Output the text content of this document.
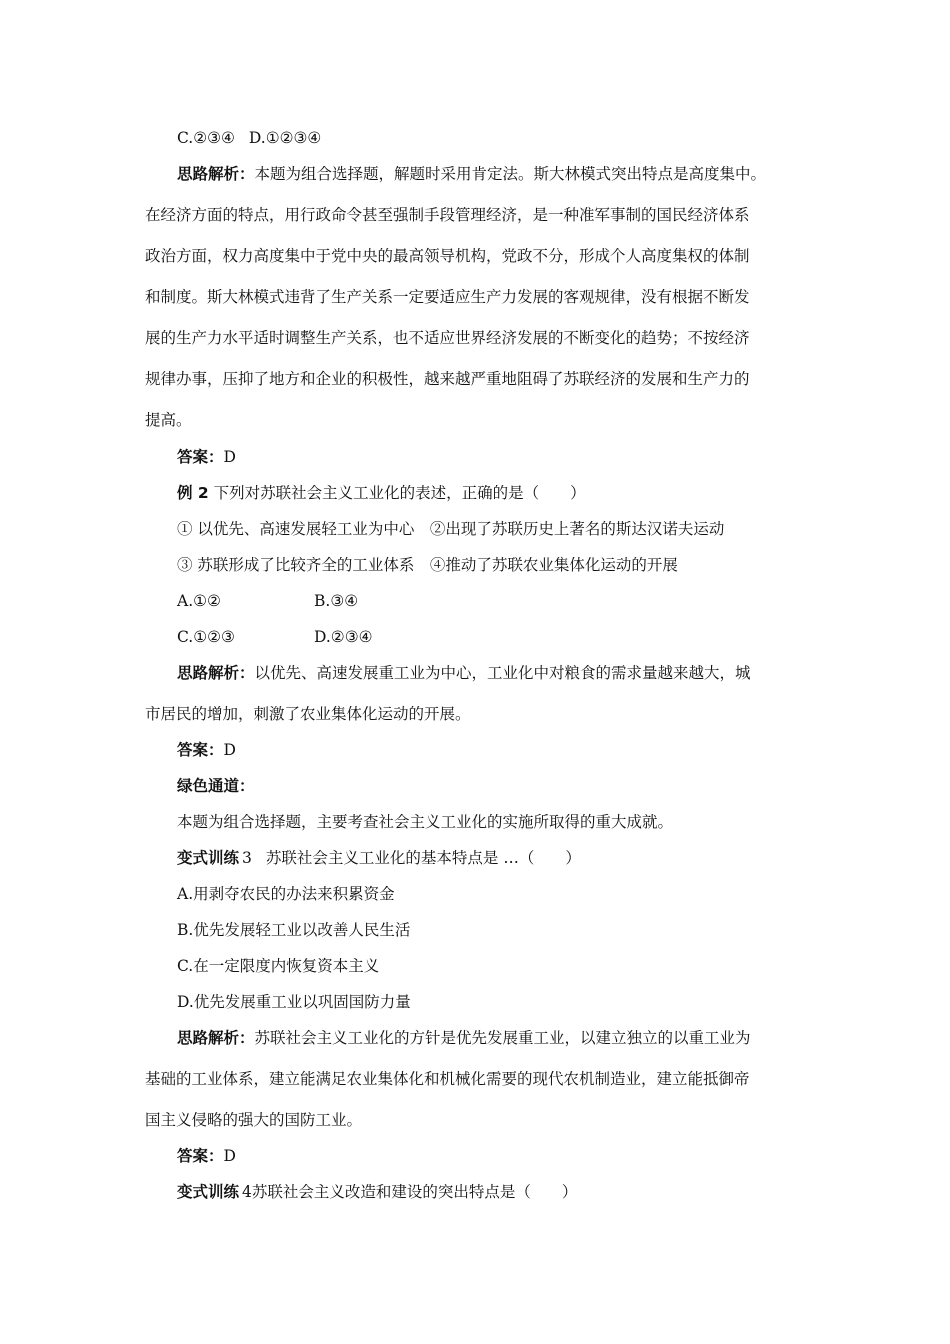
C.②③④ D.①②③④
思路解析：本题为组合选择题，解题时采用肯定法。斯大林模式突出特点是高度集中。
在经济方面的特点，用行政命令甚至强制手段管理经济，是一种准军事制的国民经济体系
政治方面，权力高度集中于党中央的最高领导机构，党政不分，形成个人高度集权的体制
和制度。斯大林模式违背了生产关系一定要适应生产力发展的客观规律，没有根据不断发
展的生产力水平适时调整生产关系，也不适应世界经济发展的不断变化的趋势；不按经济
规律办事，压抑了地方和企业的积极性，越来越严重地阻碍了苏联经济的发展和生产力的
提高。
答案：D
例 2 下列对苏联社会主义工业化的表述，正确的是（　　）
① 以优先、高速发展轻工业为中心　②出现了苏联历史上著名的斯达汉诺夫运动
③ 苏联形成了比较齐全的工业体系　④推动了苏联农业集体化运动的开展
A.①②	B.③④
C.①②③	D.②③④
思路解析：以优先、高速发展重工业为中心，工业化中对粮食的需求量越来越大，城
市居民的增加，刺激了农业集体化运动的开展。
答案：D
绿色通道：
本题为组合选择题，主要考查社会主义工业化的实施所取得的重大成就。
变式训练 3 苏联社会主义工业化的基本特点是 …（　　）
A.用剥夺农民的办法来积累资金
B.优先发展轻工业以改善人民生活
C.在一定限度内恢复资本主义
D.优先发展重工业以巩固国防力量
思路解析：苏联社会主义工业化的方针是优先发展重工业，以建立独立的以重工业为
基础的工业体系，建立能满足农业集体化和机械化需要的现代农机制造业，建立能抵御帝
国主义侵略的强大的国防工业。
答案：D
变式训练 4苏联社会主义改造和建设的突出特点是（　　）
